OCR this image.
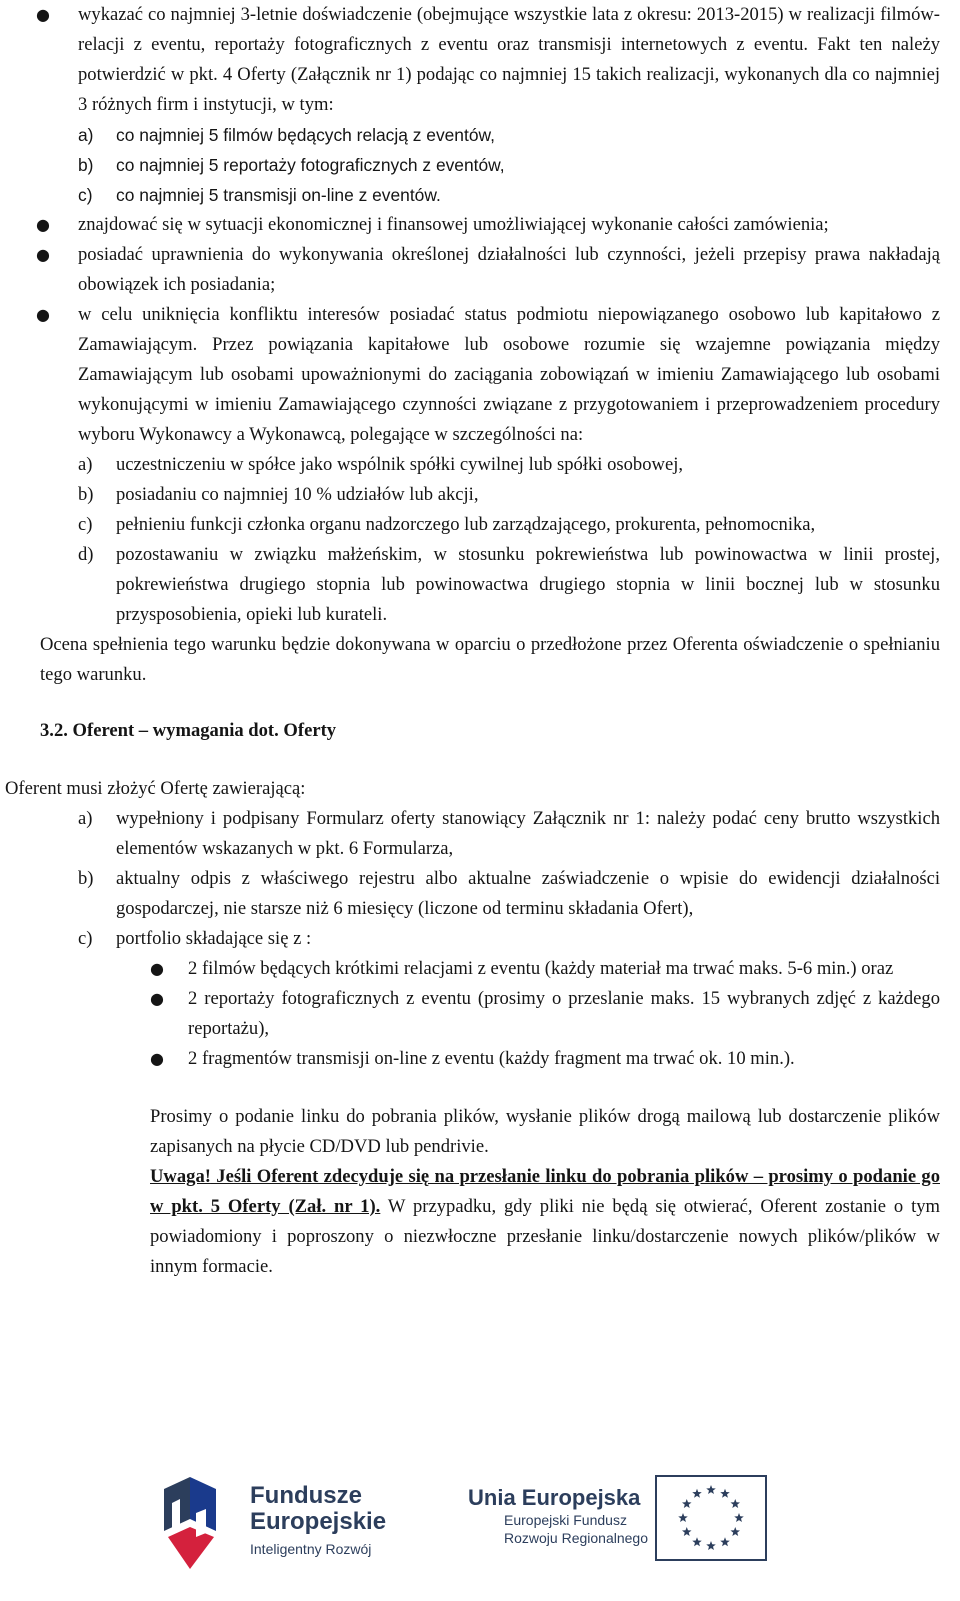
● wykazać co najmniej 3-letnie doświadczenie (obejmujące wszystkie lata z okresu: 2013-2015) w realizacji filmów-relacji z eventu, reportaży fotograficznych z eventu oraz transmisji internetowych z eventu. Fakt ten należy potwierdzić w pkt. 4 Oferty (Załącznik nr 1) podając co najmniej 15 takich realizacji, wykonanych dla co najmniej 3 różnych firm i instytucji, w tym:
a) co najmniej 5 filmów będących relacją z eventów,
b) co najmniej 5 reportaży fotograficznych z eventów,
c) co najmniej 5 transmisji on-line z eventów.
● znajdować się w sytuacji ekonomicznej i finansowej umożliwiającej wykonanie całości zamówienia;
● posiadać uprawnienia do wykonywania określonej działalności lub czynności, jeżeli przepisy prawa nakładają obowiązek ich posiadania;
● w celu uniknięcia konfliktu interesów posiadać status podmiotu niepowiązanego osobowo lub kapitałowo z Zamawiającym. Przez powiązania kapitałowe lub osobowe rozumie się wzajemne powiązania między Zamawiającym lub osobami upoważnionymi do zaciągania zobowiązań w imieniu Zamawiającego lub osobami wykonującymi w imieniu Zamawiającego czynności związane z przygotowaniem i przeprowadzeniem procedury wyboru Wykonawcy a Wykonawcą, polegające w szczególności na:
a) uczestniczeniu w spółce jako wspólnik spółki cywilnej lub spółki osobowej,
b) posiadaniu co najmniej 10 % udziałów lub akcji,
c) pełnieniu funkcji członka organu nadzorczego lub zarządzającego, prokurenta, pełnomocnika,
d) pozostawaniu w związku małżeńskim, w stosunku pokrewieństwa lub powinowactwa w linii prostej, pokrewieństwa drugiego stopnia lub powinowactwa drugiego stopnia w linii bocznej lub w stosunku przysposobienia, opieki lub kurateli.
Ocena spełnienia tego warunku będzie dokonywana w oparciu o przedłożone przez Oferenta oświadczenie o spełnianiu tego warunku.
3.2. Oferent – wymagania dot. Oferty
Oferent musi złożyć Ofertę zawierającą:
a) wypełniony i podpisany Formularz oferty stanowiący Załącznik nr 1: należy podać ceny brutto wszystkich elementów wskazanych w pkt. 6 Formularza,
b) aktualny odpis z właściwego rejestru albo aktualne zaświadczenie o wpisie do ewidencji działalności gospodarczej, nie starsze niż 6 miesięcy (liczone od terminu składania Ofert),
c) portfolio składające się z :
● 2 filmów będących krótkimi relacjami z eventu (każdy materiał ma trwać maks. 5-6 min.) oraz
● 2 reportaży fotograficznych z eventu (prosimy o przeslanie maks. 15 wybranych zdjęć z każdego reportażu),
● 2 fragmentów transmisji on-line z eventu (każdy fragment ma trwać ok. 10 min.).
Prosimy o podanie linku do pobrania plików, wysłanie plików drogą mailową lub dostarczenie plików zapisanych na płycie CD/DVD lub pendrivie.
Uwaga! Jeśli Oferent zdecyduje się na przesłanie linku do pobrania plików – prosimy o podanie go w pkt. 5 Oferty (Zał. nr 1). W przypadku, gdy pliki nie będą się otwierać, Oferent zostanie o tym powiadomiony i poproszony o niezwłoczne przesłanie linku/dostarczenie nowych plików/plików w innym formacie.
Fundusze
Europejskie
Inteligentny Rozwój
Unia Europejska
Europejski Fundusz
Rozwoju Regionalnego
